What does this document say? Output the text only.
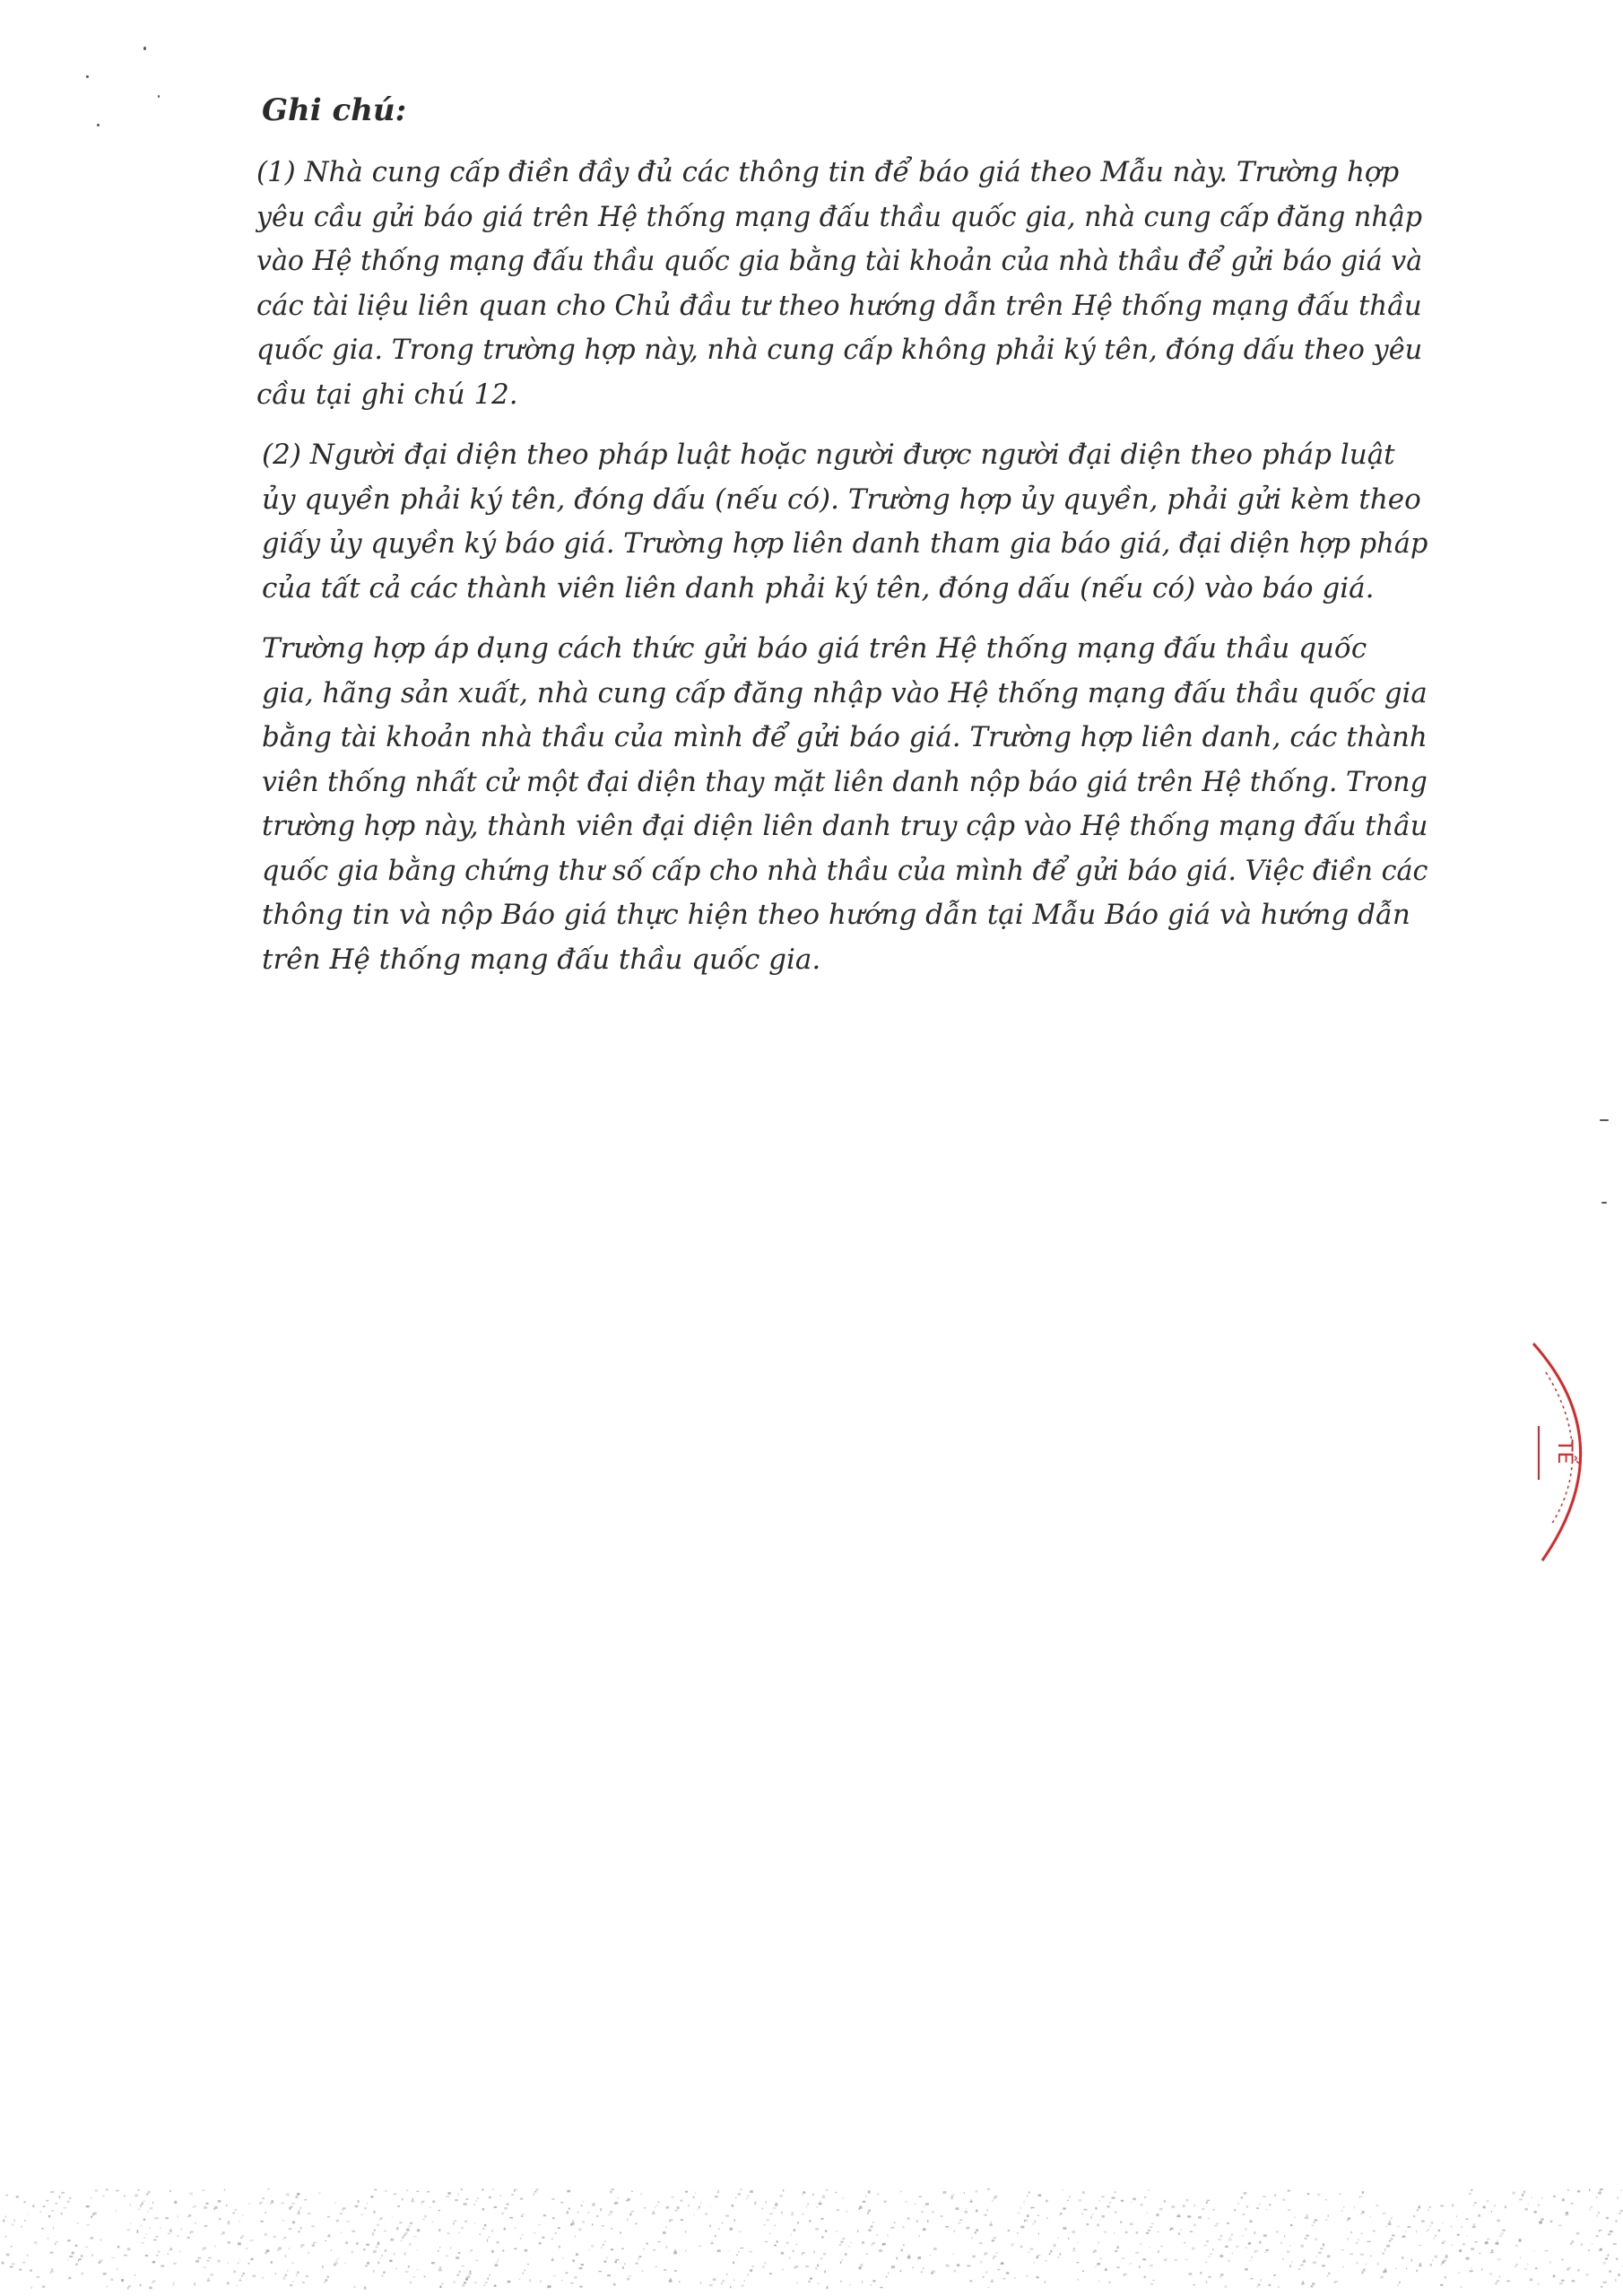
Ghi chú:
(1) Nhà cung cấp điền đầy đủ các thông tin để báo giá theo Mẫu này. Trường hợp
yêu cầu gửi báo giá trên Hệ thống mạng đấu thầu quốc gia, nhà cung cấp đăng nhập
vào Hệ thống mạng đấu thầu quốc gia bằng tài khoản của nhà thầu để gửi báo giá và
các tài liệu liên quan cho Chủ đầu tư theo hướng dẫn trên Hệ thống mạng đấu thầu
quốc gia. Trong trường hợp này, nhà cung cấp không phải ký tên, đóng dấu theo yêu
cầu tại ghi chú 12.
(2) Người đại diện theo pháp luật hoặc người được người đại diện theo pháp luật
ủy quyền phải ký tên, đóng dấu (nếu có). Trường hợp ủy quyền, phải gửi kèm theo
giấy ủy quyền ký báo giá. Trường hợp liên danh tham gia báo giá, đại diện hợp pháp
của tất cả các thành viên liên danh phải ký tên, đóng dấu (nếu có) vào báo giá.
Trường hợp áp dụng cách thức gửi báo giá trên Hệ thống mạng đấu thầu quốc
gia, hãng sản xuất, nhà cung cấp đăng nhập vào Hệ thống mạng đấu thầu quốc gia
bằng tài khoản nhà thầu của mình để gửi báo giá. Trường hợp liên danh, các thành
viên thống nhất cử một đại diện thay mặt liên danh nộp báo giá trên Hệ thống. Trong
trường hợp này, thành viên đại diện liên danh truy cập vào Hệ thống mạng đấu thầu
quốc gia bằng chứng thư số cấp cho nhà thầu của mình để gửi báo giá. Việc điền các
thông tin và nộp Báo giá thực hiện theo hướng dẫn tại Mẫu Báo giá và hướng dẫn
trên Hệ thống mạng đấu thầu quốc gia.
TẾ
